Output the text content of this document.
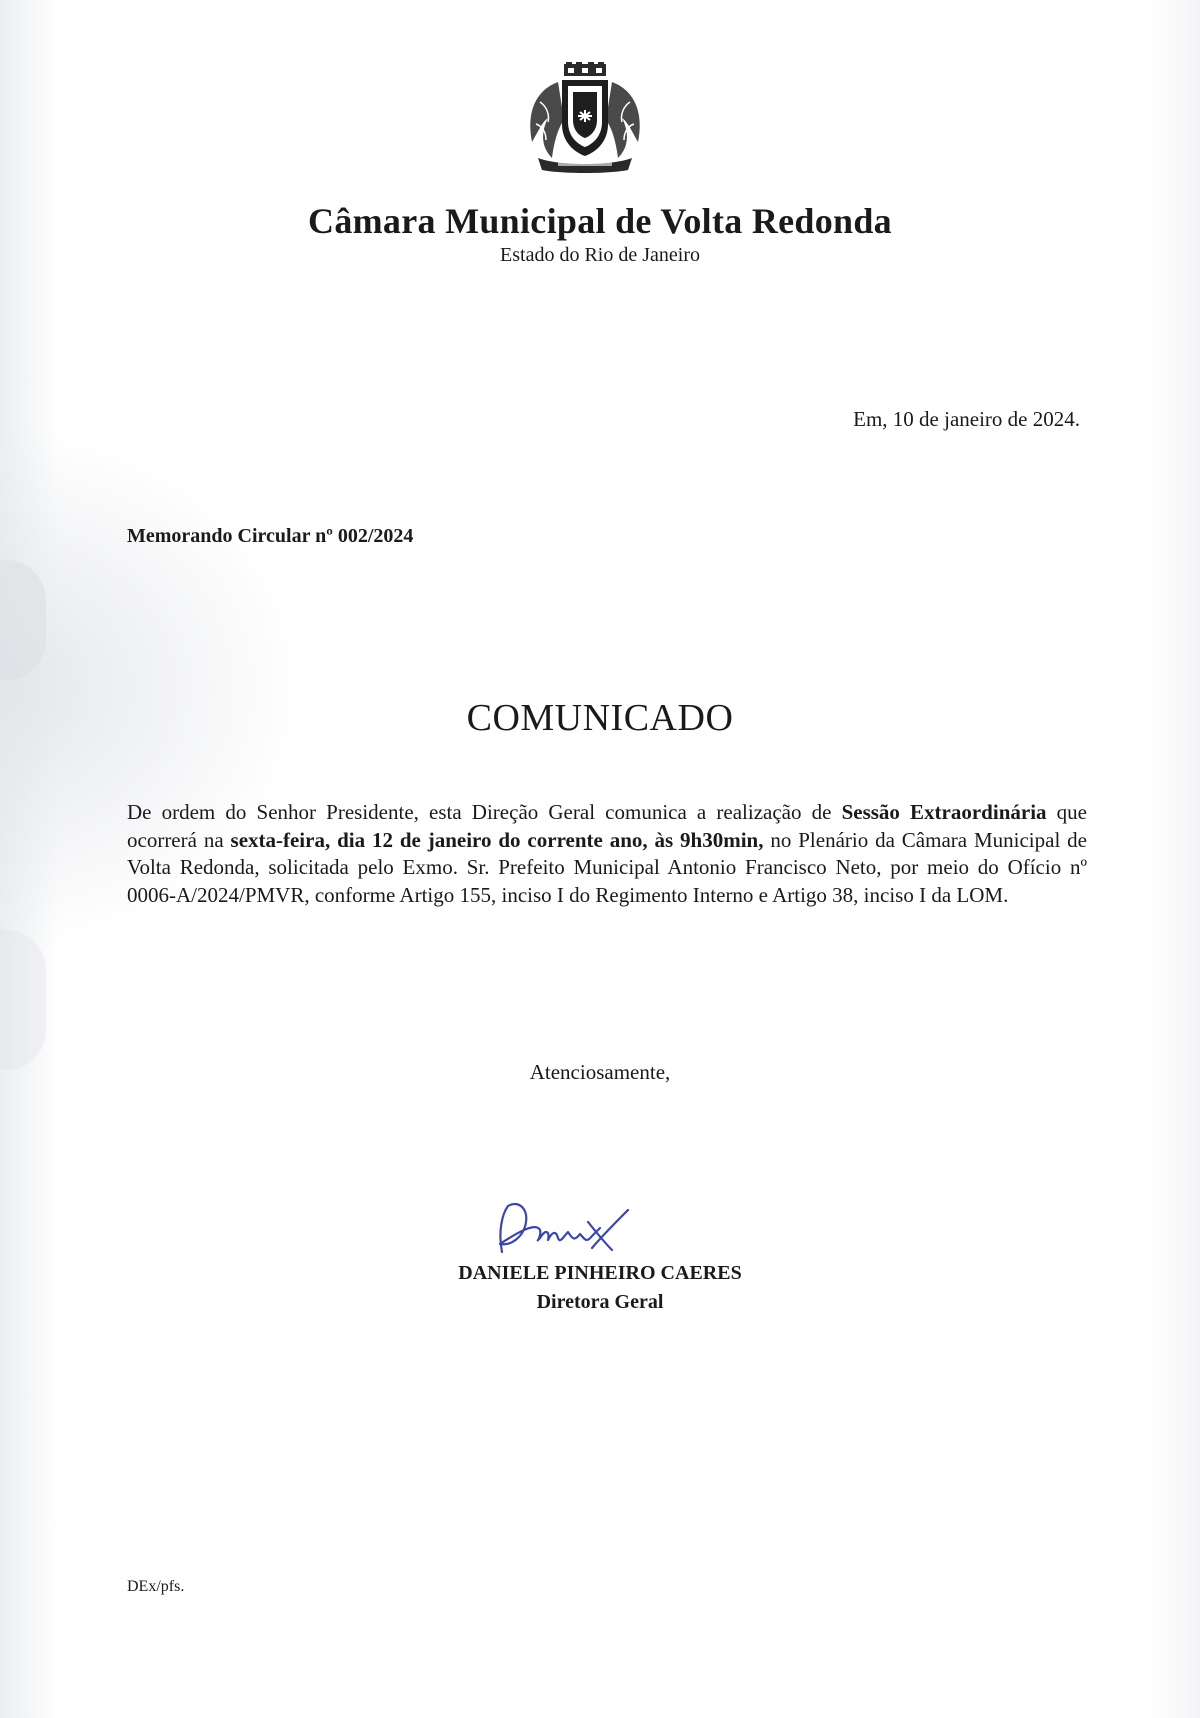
Câmara Municipal de Volta Redonda
Estado do Rio de Janeiro
Em, 10 de janeiro de 2024.
Memorando Circular nº 002/2024
COMUNICADO
De ordem do Senhor Presidente, esta Direção Geral comunica a realização de Sessão Extraordinária que ocorrerá na sexta-feira, dia 12 de janeiro do corrente ano, às 9h30min, no Plenário da Câmara Municipal de Volta Redonda, solicitada pelo Exmo. Sr. Prefeito Municipal Antonio Francisco Neto, por meio do Ofício nº 0006-A/2024/PMVR, conforme Artigo 155, inciso I do Regimento Interno e Artigo 38, inciso I da LOM.
Atenciosamente,
DANIELE PINHEIRO CAERES
Diretora Geral
DEx/pfs.
